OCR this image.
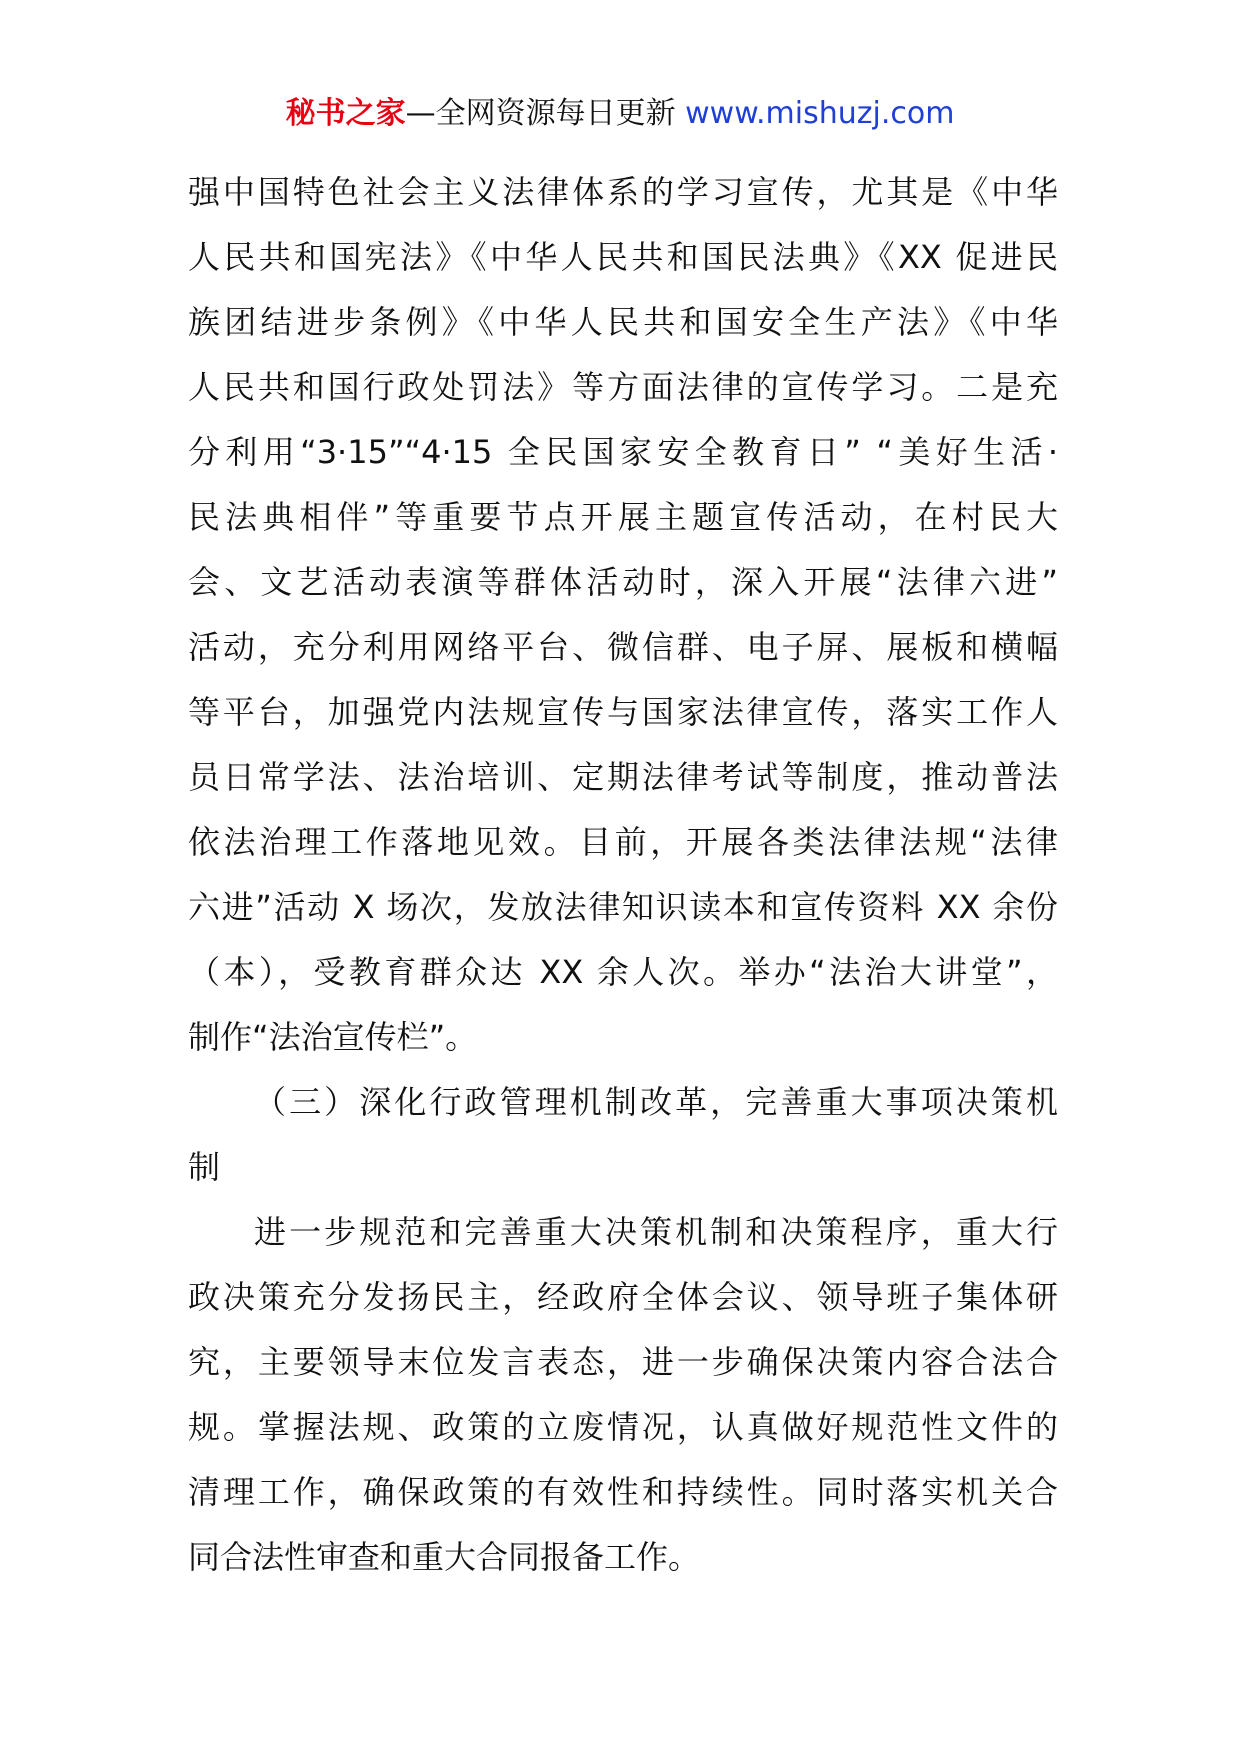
秘书之家—全网资源每日更新 www.mishuzj.com
强中国特色社会主义法律体系的学习宣传，尤其是《中华
人民共和国宪法》《中华人民共和国民法典》《XX 促进民
族团结进步条例》《中华人民共和国安全生产法》《中华
人民共和国行政处罚法》等方面法律的宣传学习。二是充
分利用“3·15”“4·15 全民国家安全教育日” “美好生活·
民法典相伴”等重要节点开展主题宣传活动，在村民大
会、文艺活动表演等群体活动时，深入开展“法律六进”
活动，充分利用网络平台、微信群、电子屏、展板和横幅
等平台，加强党内法规宣传与国家法律宣传，落实工作人
员日常学法、法治培训、定期法律考试等制度，推动普法
依法治理工作落地见效。目前，开展各类法律法规“法律
六进”活动 X 场次，发放法律知识读本和宣传资料 XX 余份
（本），受教育群众达 XX 余人次。举办“法治大讲堂”，
制作“法治宣传栏”。
（三）深化行政管理机制改革，完善重大事项决策机
制
进一步规范和完善重大决策机制和决策程序，重大行
政决策充分发扬民主，经政府全体会议、领导班子集体研
究，主要领导末位发言表态，进一步确保决策内容合法合
规。掌握法规、政策的立废情况，认真做好规范性文件的
清理工作，确保政策的有效性和持续性。同时落实机关合
同合法性审查和重大合同报备工作。
